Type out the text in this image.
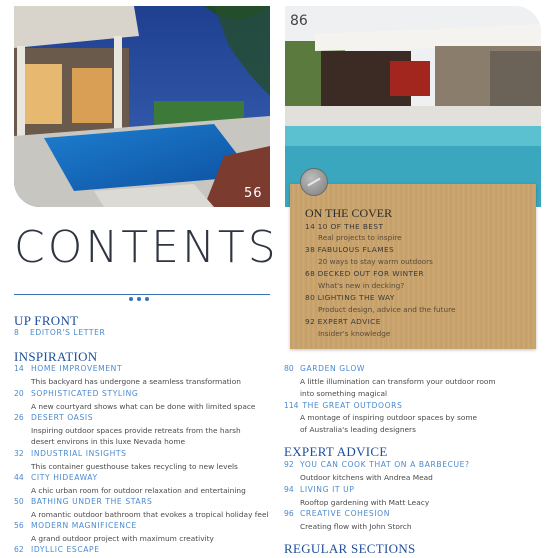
56
86
CONTENTS
ON THE COVER
14 10 OF THE BEST
Real projects to inspire
38 FABULOUS FLAMES
20 ways to stay warm outdoors
68 DECKED OUT FOR WINTER
What's new in decking?
80 LIGHTING THE WAY
Product design, advice and the future
92 EXPERT ADVICE
Insider's knowledge
UP FRONT
8 EDITOR'S LETTER
INSPIRATION
14 HOME IMPROVEMENT
This backyard has undergone a seamless transformation
20 SOPHISTICATED STYLING
A new courtyard shows what can be done with limited space
26 DESERT OASIS
Inspiring outdoor spaces provide retreats from the harsh
desert environs in this luxe Nevada home
32 INDUSTRIAL INSIGHTS
This container guesthouse takes recycling to new levels
44 CITY HIDEAWAY
A chic urban room for outdoor relaxation and entertaining
50 BATHING UNDER THE STARS
A romantic outdoor bathroom that evokes a tropical holiday feel
56 MODERN MAGNIFICENCE
A grand outdoor project with maximum creativity
62 IDYLLIC ESCAPE
80 GARDEN GLOW
A little illumination can transform your outdoor room
into something magical
114 THE GREAT OUTDOORS
A montage of inspiring outdoor spaces by some
of Australia's leading designers
EXPERT ADVICE
92 YOU CAN COOK THAT ON A BARBECUE?
Outdoor kitchens with Andrea Mead
94 LIVING IT UP
Rooftop gardening with Matt Leacy
96 CREATIVE COHESION
Creating flow with John Storch
REGULAR SECTIONS
